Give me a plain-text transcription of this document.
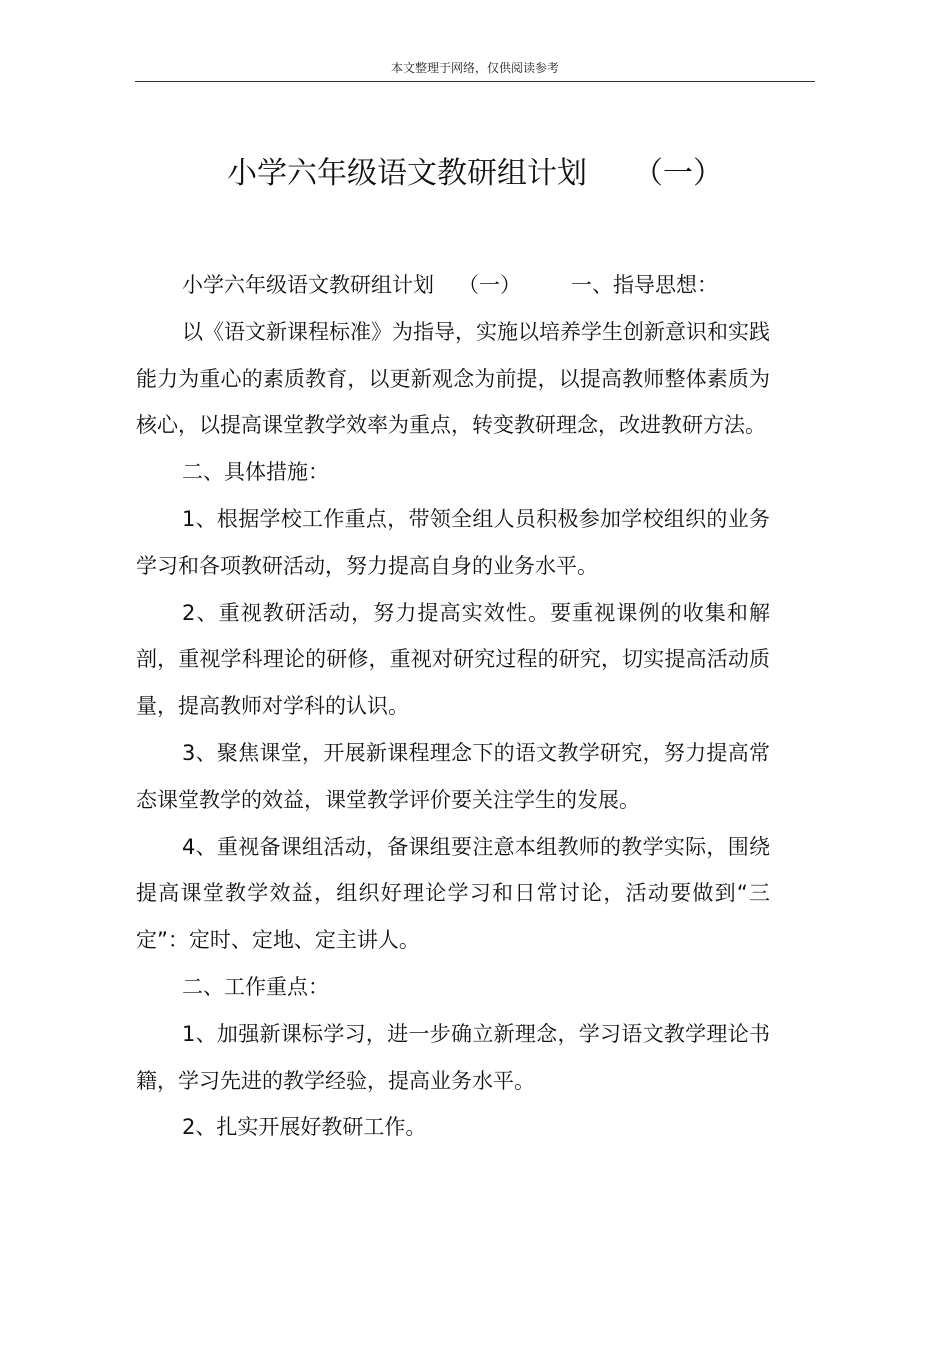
本文整理于网络，仅供阅读参考
小学六年级语文教研组计划 （一）
小学六年级语文教研组计划 （一） 一、指导思想：

以《语文新课程标准》为指导，实施以培养学生创新意识和实践能力为重心的素质教育，以更新观念为前提，以提高教师整体素质为核心，以提高课堂教学效率为重点，转变教研理念，改进教研方法。

二、具体措施：

1、根据学校工作重点，带领全组人员积极参加学校组织的业务学习和各项教研活动，努力提高自身的业务水平。

2、重视教研活动，努力提高实效性。要重视课例的收集和解剖，重视学科理论的研修，重视对研究过程的研究，切实提高活动质量，提高教师对学科的认识。

3、聚焦课堂，开展新课程理念下的语文教学研究，努力提高常态课堂教学的效益，课堂教学评价要关注学生的发展。

4、重视备课组活动，备课组要注意本组教师的教学实际，围绕提高课堂教学效益，组织好理论学习和日常讨论，活动要做到“三定”：定时、定地、定主讲人。

二、工作重点：

1、加强新课标学习，进一步确立新理念，学习语文教学理论书籍，学习先进的教学经验，提高业务水平。

2、扎实开展好教研工作。
